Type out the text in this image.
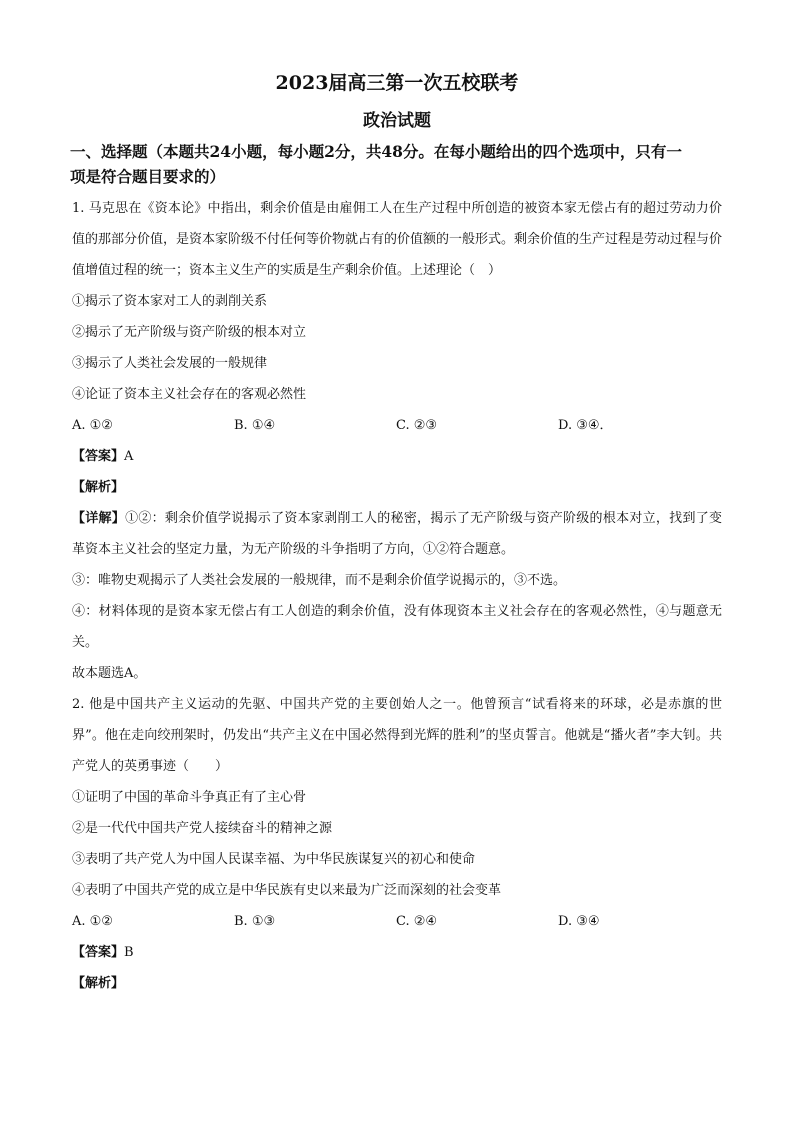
2023届高三第一次五校联考
政治试题
一、选择题（本题共24小题，每小题2分，共48分。在每小题给出的四个选项中，只有一
项是符合题目要求的）

1. 马克思在《资本论》中指出，剩余价值是由雇佣工人在生产过程中所创造的被资本家无偿占有的超过劳动力价值的那部分价值，是资本家阶级不付任何等价物就占有的价值额的一般形式。剩余价值的生产过程是劳动过程与价值增值过程的统一；资本主义生产的实质是生产剩余价值。上述理论（　）

①揭示了资本家对工人的剥削关系

②揭示了无产阶级与资产阶级的根本对立

③揭示了人类社会发展的一般规律

④论证了资本主义社会存在的客观必然性

A. ①②	B. ①④	C. ②③	D. ③④．

【答案】A

【解析】

【详解】①②：剩余价值学说揭示了资本家剥削工人的秘密，揭示了无产阶级与资产阶级的根本对立，找到了变革资本主义社会的坚定力量，为无产阶级的斗争指明了方向，①②符合题意。

③：唯物史观揭示了人类社会发展的一般规律，而不是剩余价值学说揭示的，③不选。

④：材料体现的是资本家无偿占有工人创造的剩余价值，没有体现资本主义社会存在的客观必然性，④与题意无关。

故本题选A。

2. 他是中国共产主义运动的先驱、中国共产党的主要创始人之一。他曾预言“试看将来的环球，必是赤旗的世界”。他在走向绞刑架时，仍发出“共产主义在中国必然得到光辉的胜利”的坚贞誓言。他就是“播火者”李大钊。共产党人的英勇事迹（　　）

①证明了中国的革命斗争真正有了主心骨

②是一代代中国共产党人接续奋斗的精神之源

③表明了共产党人为中国人民谋幸福、为中华民族谋复兴的初心和使命

④表明了中国共产党的成立是中华民族有史以来最为广泛而深刻的社会变革

A. ①②	B. ①③	C. ②④	D. ③④

【答案】B

【解析】
